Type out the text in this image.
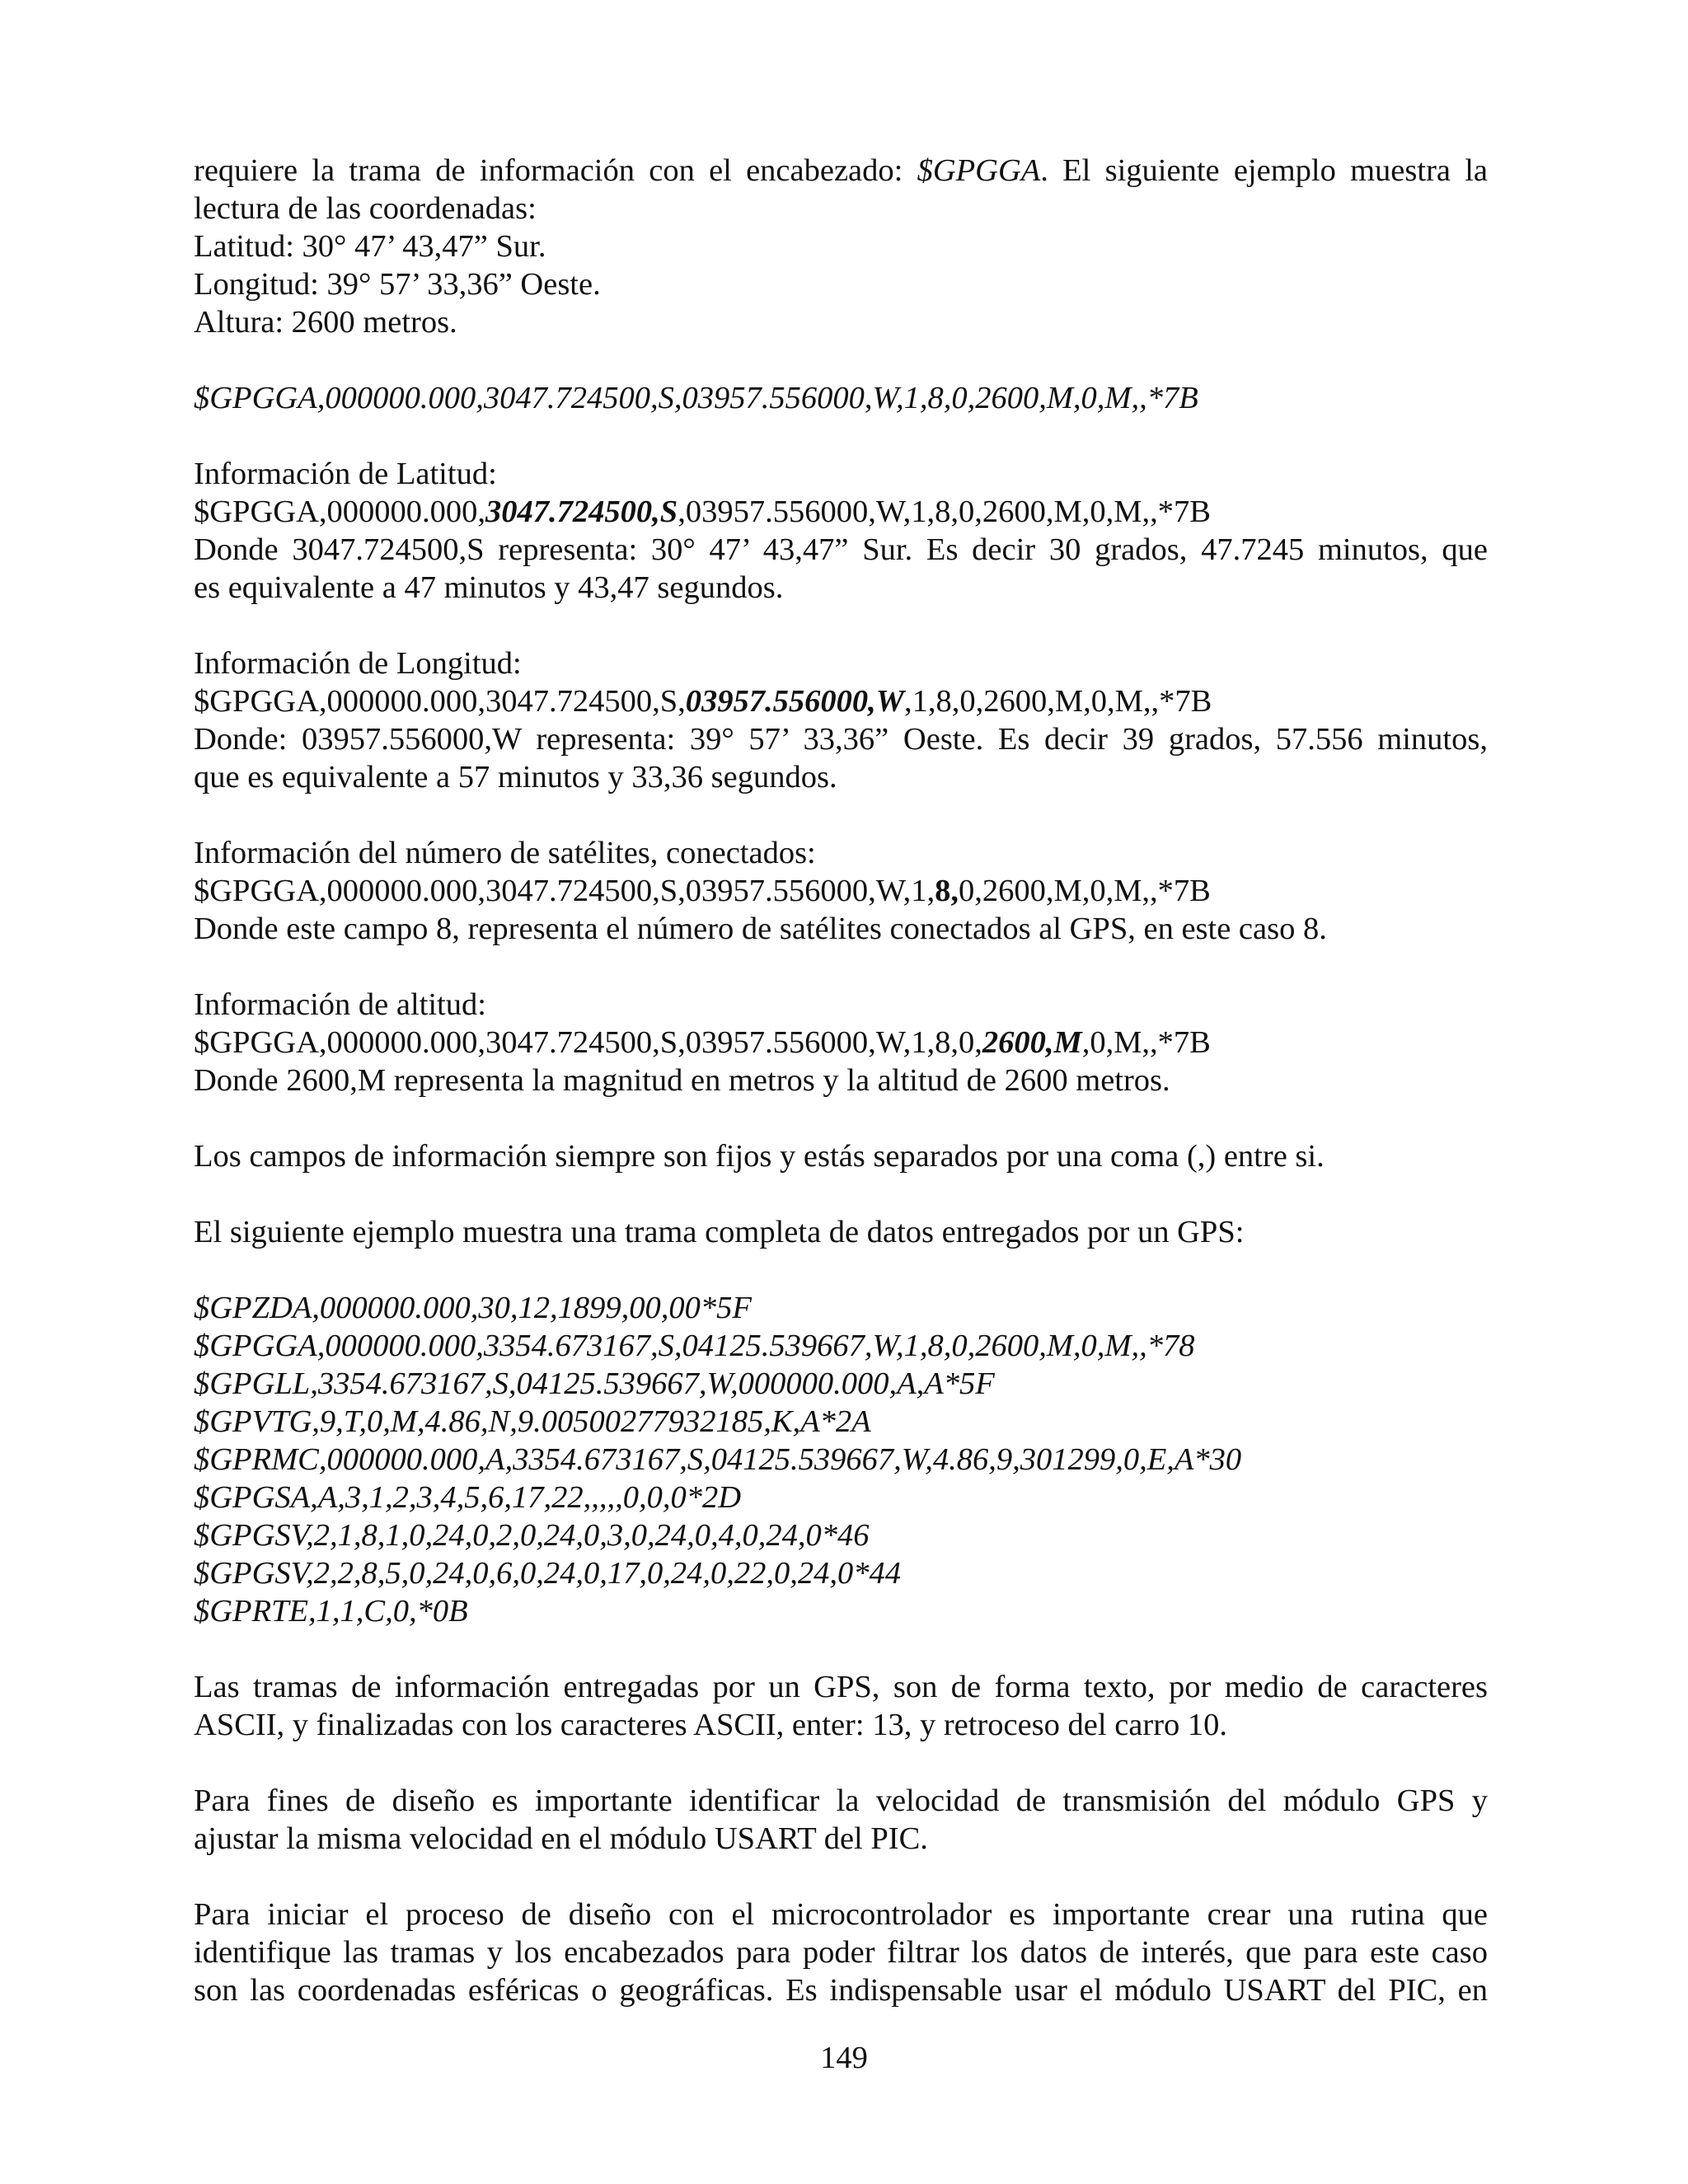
requiere la trama de información con el encabezado: $GPGGA. El siguiente ejemplo muestra la
lectura de las coordenadas:
Latitud: 30° 47’ 43,47” Sur.
Longitud: 39° 57’ 33,36” Oeste.
Altura: 2600 metros.
$GPGGA,000000.000,3047.724500,S,03957.556000,W,1,8,0,2600,M,0,M,,*7B
Información de Latitud:
$GPGGA,000000.000,3047.724500,S,03957.556000,W,1,8,0,2600,M,0,M,,*7B
Donde 3047.724500,S representa: 30° 47’ 43,47” Sur. Es decir 30 grados, 47.7245 minutos, que
es equivalente a 47 minutos y 43,47 segundos.
Información de Longitud:
$GPGGA,000000.000,3047.724500,S,03957.556000,W,1,8,0,2600,M,0,M,,*7B
Donde: 03957.556000,W representa: 39° 57’ 33,36” Oeste. Es decir 39 grados, 57.556 minutos,
que es equivalente a 57 minutos y 33,36 segundos.
Información del número de satélites, conectados:
$GPGGA,000000.000,3047.724500,S,03957.556000,W,1,8,0,2600,M,0,M,,*7B
Donde este campo 8, representa el número de satélites conectados al GPS, en este caso 8.
Información de altitud:
$GPGGA,000000.000,3047.724500,S,03957.556000,W,1,8,0,2600,M,0,M,,*7B
Donde 2600,M representa la magnitud en metros y la altitud de 2600 metros.
Los campos de información siempre son fijos y estás separados por una coma (,) entre si.
El siguiente ejemplo muestra una trama completa de datos entregados por un GPS:
$GPZDA,000000.000,30,12,1899,00,00*5F
$GPGGA,000000.000,3354.673167,S,04125.539667,W,1,8,0,2600,M,0,M,,*78
$GPGLL,3354.673167,S,04125.539667,W,000000.000,A,A*5F
$GPVTG,9,T,0,M,4.86,N,9.00500277932185,K,A*2A
$GPRMC,000000.000,A,3354.673167,S,04125.539667,W,4.86,9,301299,0,E,A*30
$GPGSA,A,3,1,2,3,4,5,6,17,22,,,,,0,0,0*2D
$GPGSV,2,1,8,1,0,24,0,2,0,24,0,3,0,24,0,4,0,24,0*46
$GPGSV,2,2,8,5,0,24,0,6,0,24,0,17,0,24,0,22,0,24,0*44
$GPRTE,1,1,C,0,*0B
Las tramas de información entregadas por un GPS, son de forma texto, por medio de caracteres
ASCII, y finalizadas con los caracteres ASCII, enter: 13, y retroceso del carro 10.
Para fines de diseño es importante identificar la velocidad de transmisión del módulo GPS y
ajustar la misma velocidad en el módulo USART del PIC.
Para iniciar el proceso de diseño con el microcontrolador es importante crear una rutina que
identifique las tramas y los encabezados para poder filtrar los datos de interés, que para este caso
son las coordenadas esféricas o geográficas. Es indispensable usar el módulo USART del PIC, en
149
